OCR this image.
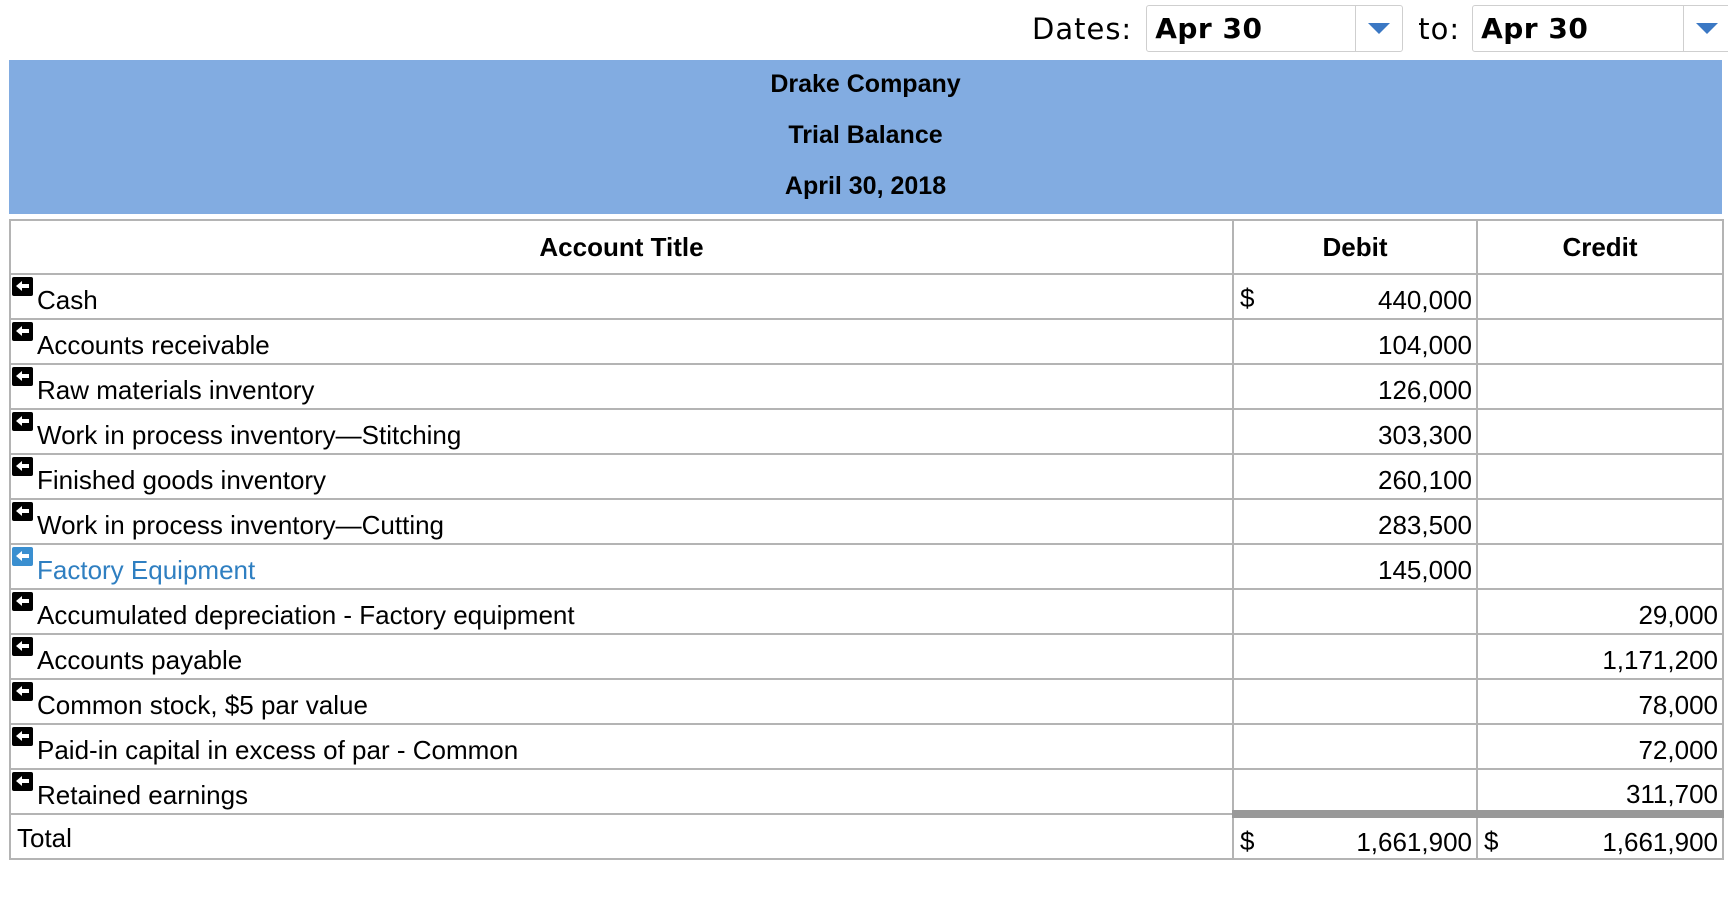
Dates: Apr 30	to: Apr 30
Drake Company
Trial Balance
April 30, 2018
Account Title	Debit	Credit

Cash	$ 440,000	

Accounts receivable	104,000	

Raw materials inventory	126,000	

Work in process inventory—Stitching	303,300	

Finished goods inventory	260,100	

Work in process inventory—Cutting	283,500	

Factory Equipment	145,000	

Accumulated depreciation - Factory equipment		29,000

Accounts payable		1,171,200

Common stock, $5 par value		78,000

Paid-in capital in excess of par - Common		72,000

Retained earnings		311,700
Total	$ 1,661,900	$ 1,661,900
